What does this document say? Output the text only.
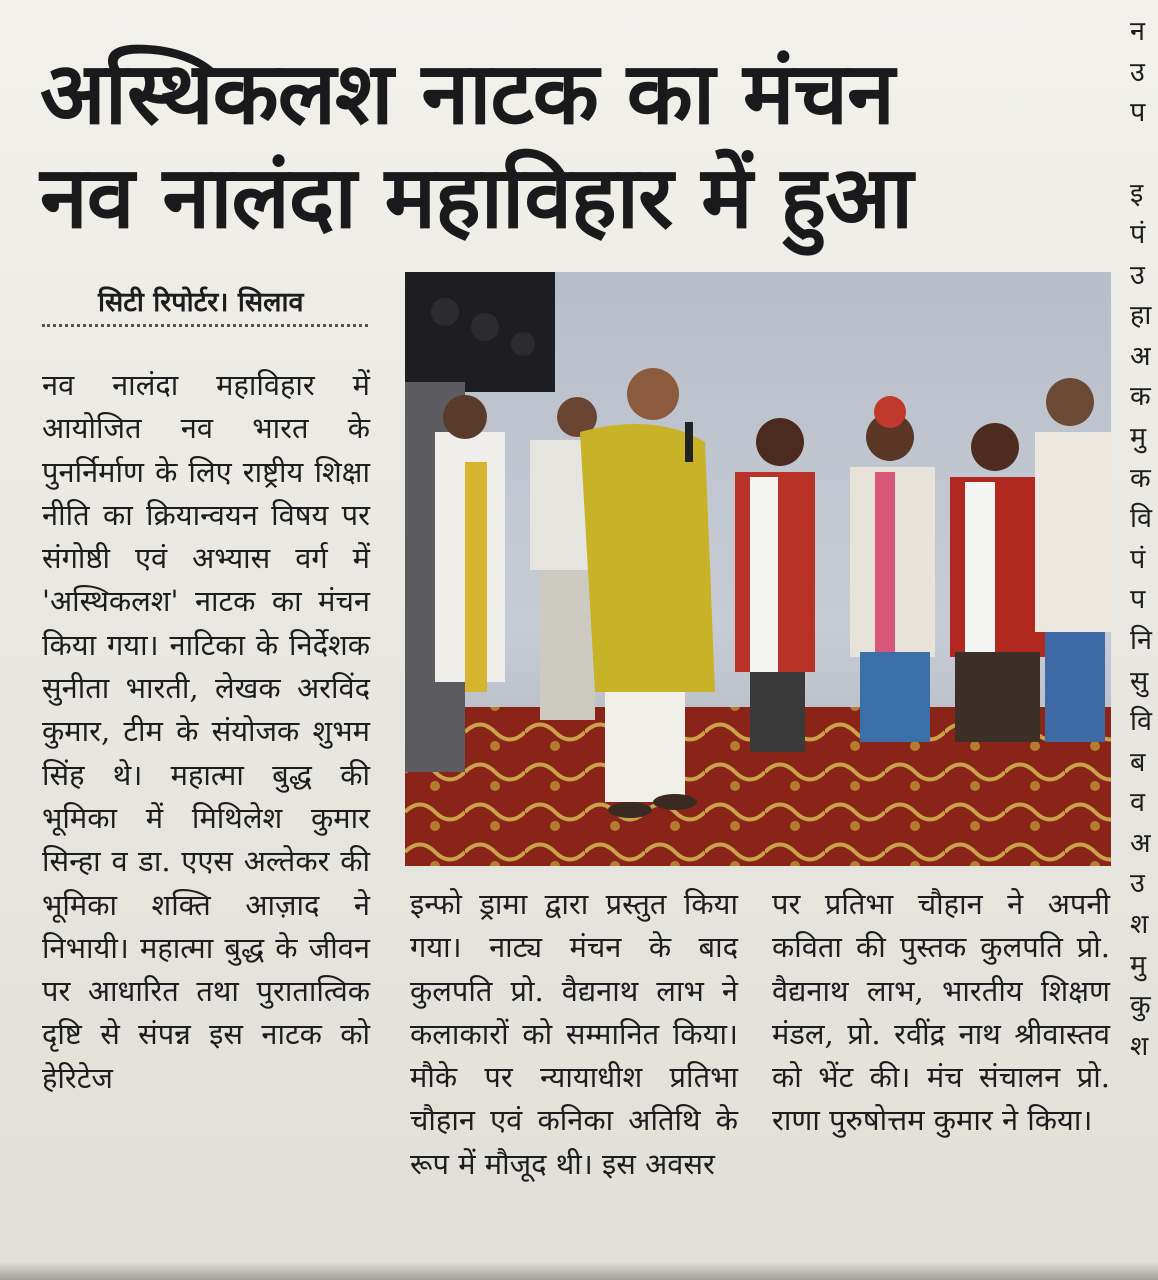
अस्थिकलश नाटक का मंचन
नव नालंदा महाविहार में हुआ
सिटी रिपोर्टर। सिलाव

नव नालंदा महाविहार में आयोजित नव भारत के पुनर्निर्माण के लिए राष्ट्रीय शिक्षा नीति का क्रियान्वयन विषय पर संगोष्ठी एवं अभ्यास वर्ग में 'अस्थिकलश' नाटक का मंचन किया गया। नाटिका के निर्देशक सुनीता भारती, लेखक अरविंद कुमार, टीम के संयोजक शुभम सिंह थे। महात्मा बुद्ध की भूमिका में मिथिलेश कुमार सिन्हा व डा. एएस अल्तेकर की भूमिका शक्ति आज़ाद ने निभायी। महात्मा बुद्ध के जीवन पर आधारित तथा पुरातात्विक दृष्टि से संपन्न इस नाटक को हेरिटेज

इन्फो ड्रामा द्वारा प्रस्तुत किया गया। नाट्य मंचन के बाद कुलपति प्रो. वैद्यनाथ लाभ ने कलाकारों को सम्मानित किया। मौके पर न्यायाधीश प्रतिभा चौहान एवं कनिका अतिथि के रूप में मौजूद थी। इस अवसर

पर प्रतिभा चौहान ने अपनी कविता की पुस्तक कुलपति प्रो. वैद्यनाथ लाभ, भारतीय शिक्षण मंडल, प्रो. रवींद्र नाथ श्रीवास्तव को भेंट की। मंच संचालन प्रो. राणा पुरुषोत्तम कुमार ने किया।

न
उ
प
इ
पं
उ
हा
अ
क
मु
क
वि
पं
प
नि
सु
वि
ब
व
अ
उ
श
मु
कु
श
